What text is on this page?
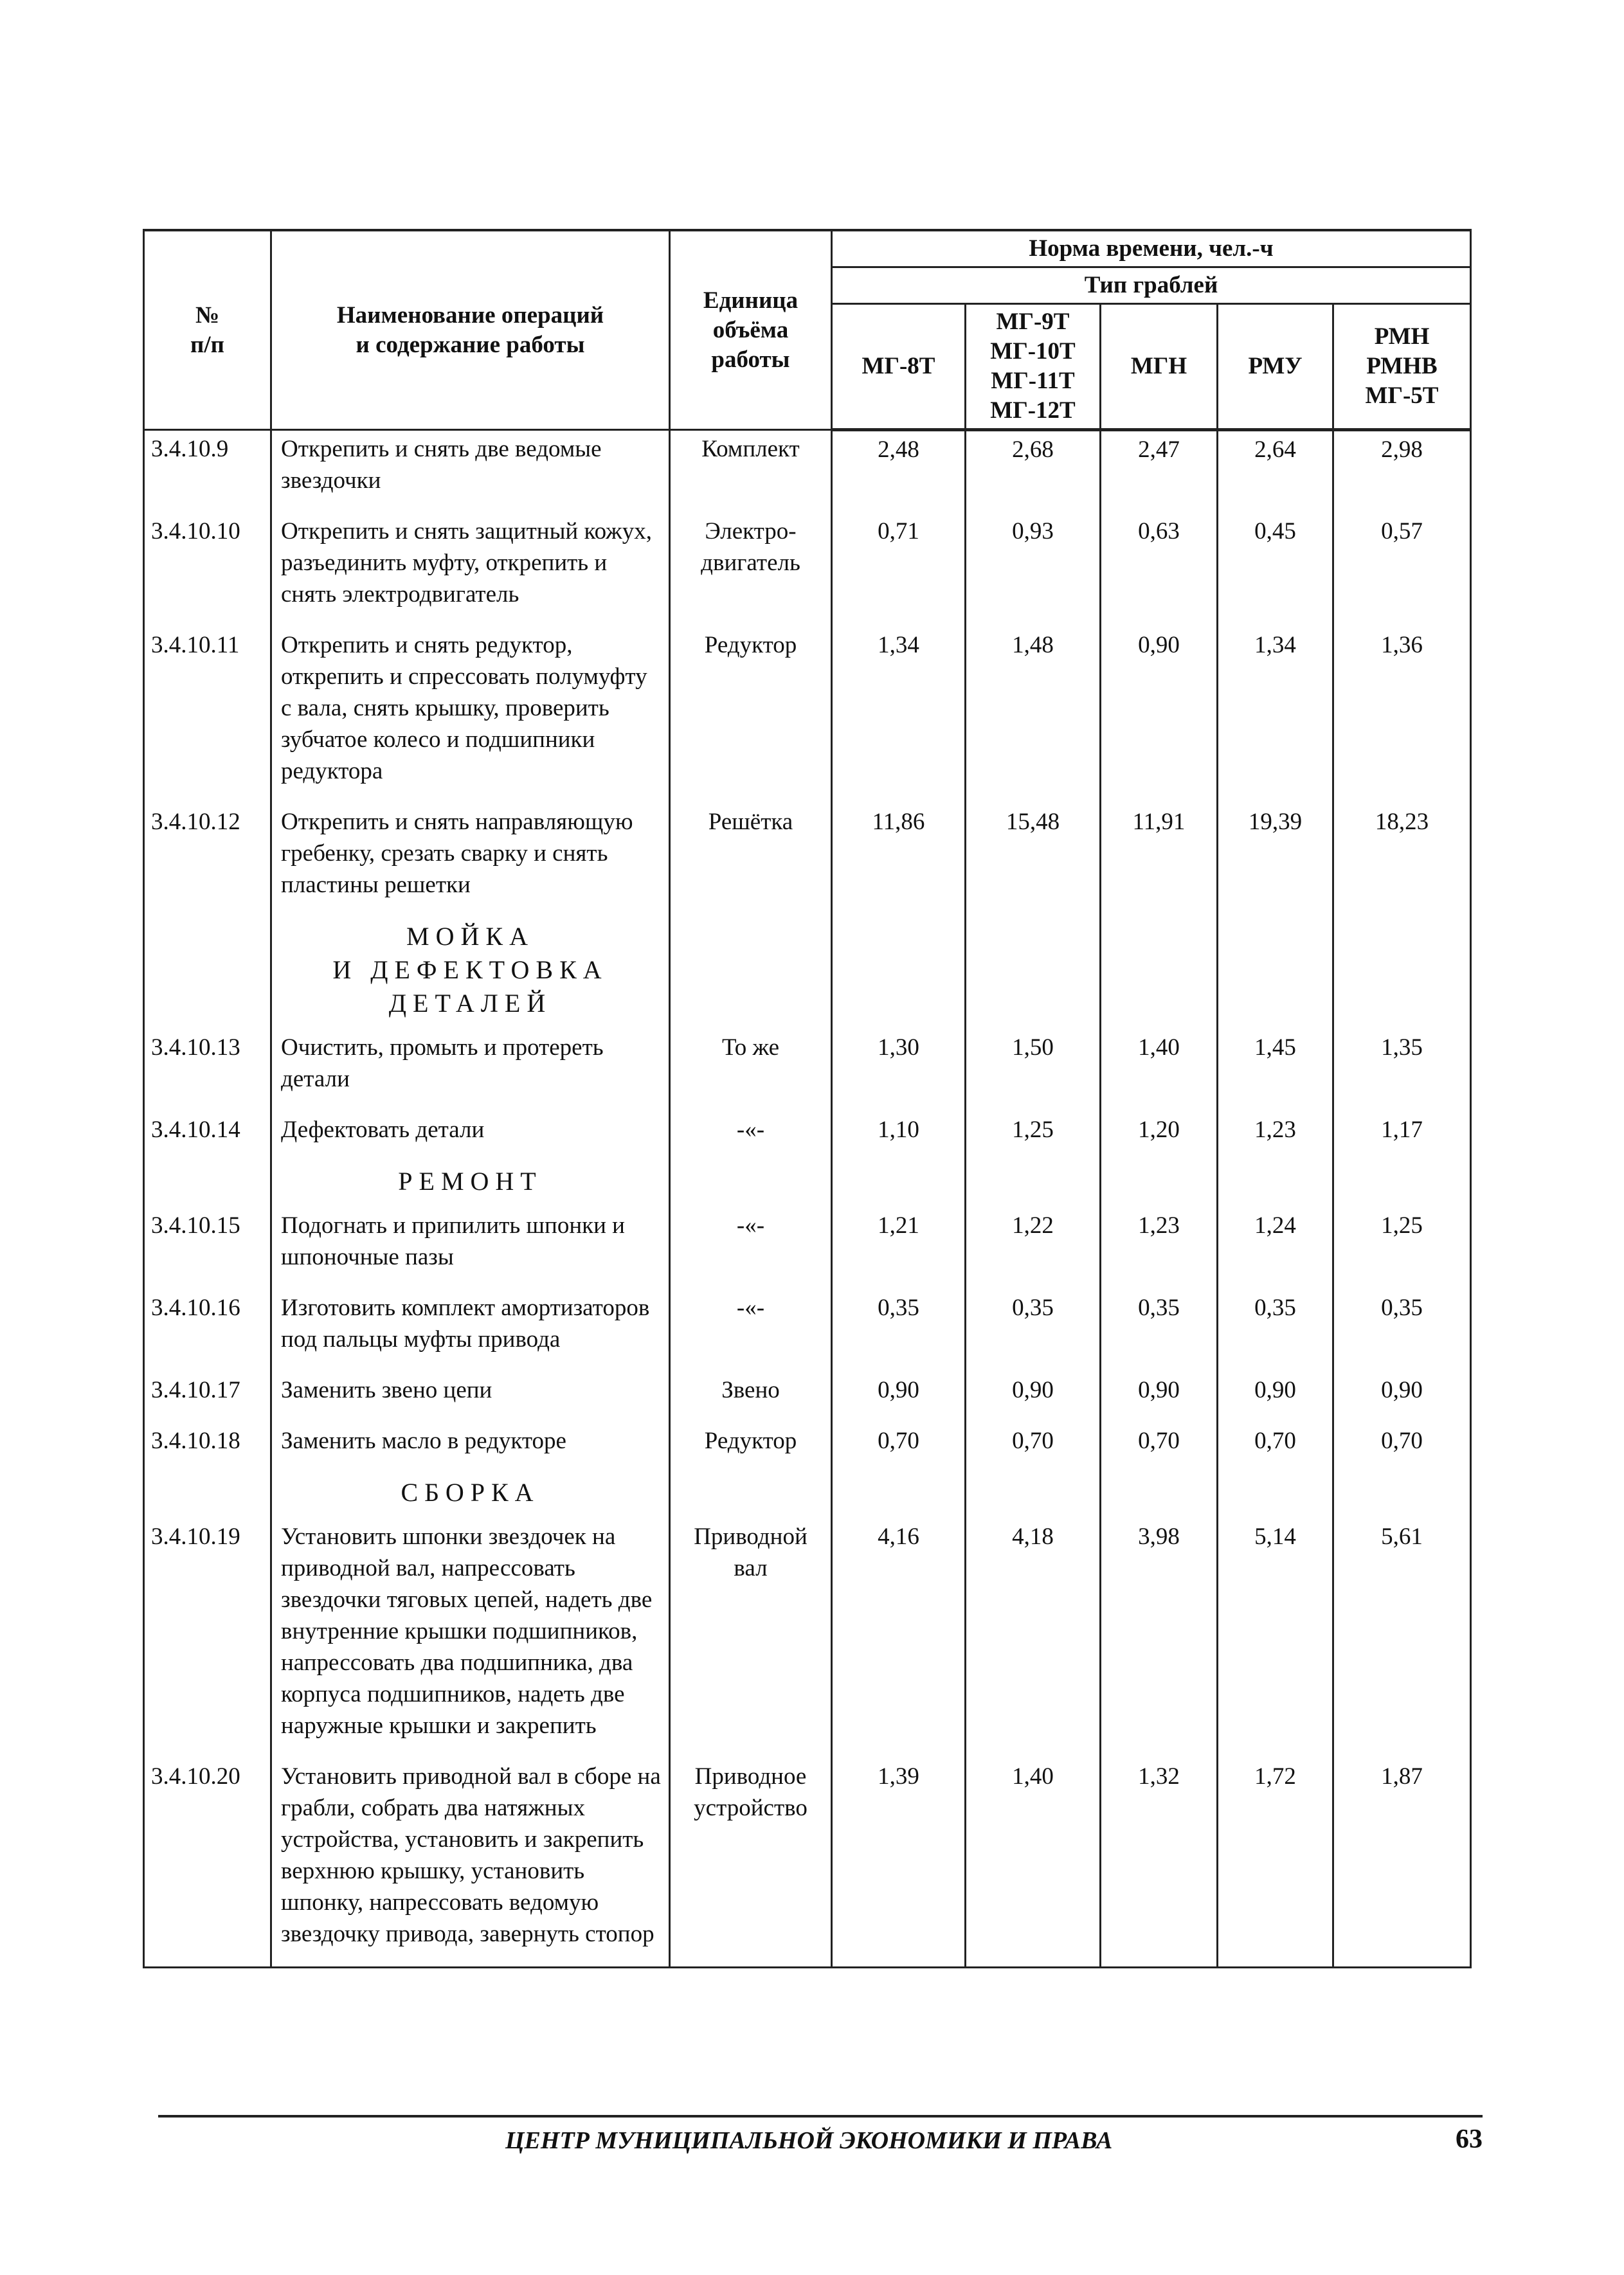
№
п/п	Наименование операций
и содержание работы	Единица
объёма
работы	Норма времени, чел.-ч				
			Тип граблей				
			МГ-8Т	МГ-9Т
МГ-10Т
МГ-11Т
МГ-12Т	МГН	РМУ	РМН
РМНВ
МГ-5Т
3.4.10.9	Открепить и снять две ведомые звездочки	Комплект	2,48	2,68	2,47	2,64	2,98
3.4.10.10	Открепить и снять защитный кожух, разъединить муфту, открепить и снять электродвигатель	Электро-
двигатель	0,71	0,93	0,63	0,45	0,57
3.4.10.11	Открепить и снять редуктор, открепить и спрессовать полумуфту с вала, снять крышку, проверить зубчатое колесо и подшипники редуктора	Редуктор	1,34	1,48	0,90	1,34	1,36
3.4.10.12	Открепить и снять направляющую гребенку, срезать сварку и снять пластины решетки	Решётка	11,86	15,48	11,91	19,39	18,23
	МОЙКА
И ДЕФЕКТОВКА
ДЕТАЛЕЙ						
3.4.10.13	Очистить, промыть и протереть детали	То же	1,30	1,50	1,40	1,45	1,35
3.4.10.14	Дефектовать детали	-«-	1,10	1,25	1,20	1,23	1,17
	РЕМОНТ						
3.4.10.15	Подогнать и припилить шпонки и шпоночные пазы	-«-	1,21	1,22	1,23	1,24	1,25
3.4.10.16	Изготовить комплект амортизаторов под пальцы муфты привода	-«-	0,35	0,35	0,35	0,35	0,35
3.4.10.17	Заменить звено цепи	Звено	0,90	0,90	0,90	0,90	0,90
3.4.10.18	Заменить масло в редукторе	Редуктор	0,70	0,70	0,70	0,70	0,70
	СБОРКА						
3.4.10.19	Установить шпонки звездочек на приводной вал, напрессовать звездочки тяговых цепей, надеть две внутренние крышки подшипников, напрессовать два подшипника, два корпуса подшипников, надеть две наружные крышки и закрепить	Приводной
вал	4,16	4,18	3,98	5,14	5,61
3.4.10.20	Установить приводной вал в сборе на грабли, собрать два натяжных устройства, установить и закрепить верхнюю крышку, установить шпонку, напрессовать ведомую звездочку привода, завернуть стопор	Приводное
устройство	1,39	1,40	1,32	1,72	1,87
ЦЕНТР МУНИЦИПАЛЬНОЙ ЭКОНОМИКИ И ПРАВА	63
